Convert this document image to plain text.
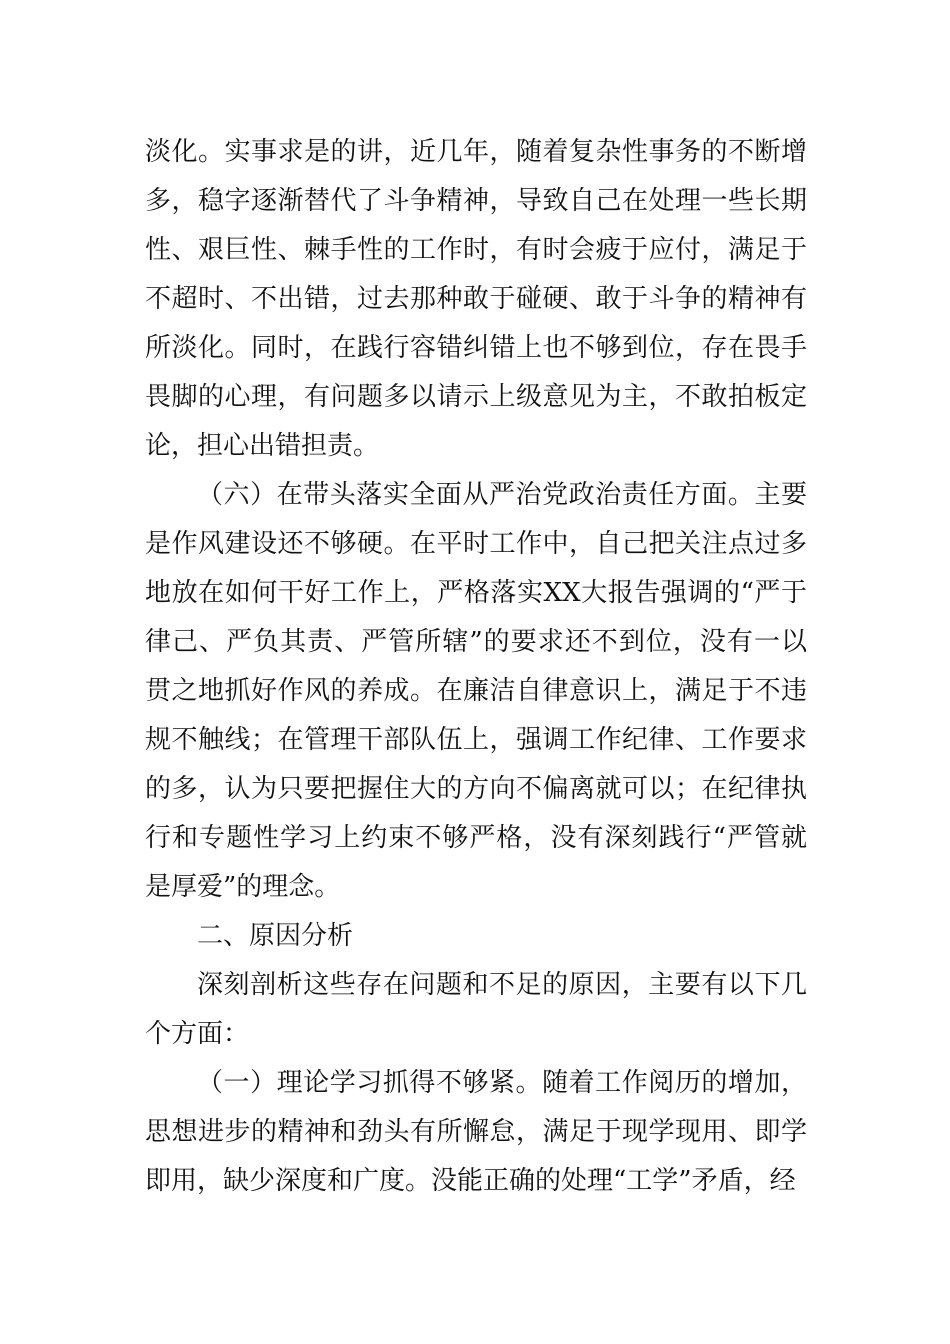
淡化。实事求是的讲，近几年，随着复杂性事务的不断增多，稳字逐渐替代了斗争精神，导致自己在处理一些长期性、艰巨性、棘手性的工作时，有时会疲于应付，满足于不超时、不出错，过去那种敢于碰硬、敢于斗争的精神有所淡化。同时，在践行容错纠错上也不够到位，存在畏手畏脚的心理，有问题多以请示上级意见为主，不敢拍板定论，担心出错担责。

（六）在带头落实全面从严治党政治责任方面。主要是作风建设还不够硬。在平时工作中，自己把关注点过多地放在如何干好工作上，严格落实XX大报告强调的“严于律己、严负其责、严管所辖”的要求还不到位，没有一以贯之地抓好作风的养成。在廉洁自律意识上，满足于不违规不触线；在管理干部队伍上，强调工作纪律、工作要求的多，认为只要把握住大的方向不偏离就可以；在纪律执行和专题性学习上约束不够严格，没有深刻践行“严管就是厚爱”的理念。

二、原因分析

深刻剖析这些存在问题和不足的原因，主要有以下几个方面：

（一）理论学习抓得不够紧。随着工作阅历的增加，思想进步的精神和劲头有所懈怠，满足于现学现用、即学即用，缺少深度和广度。没能正确的处理“工学”矛盾，经
